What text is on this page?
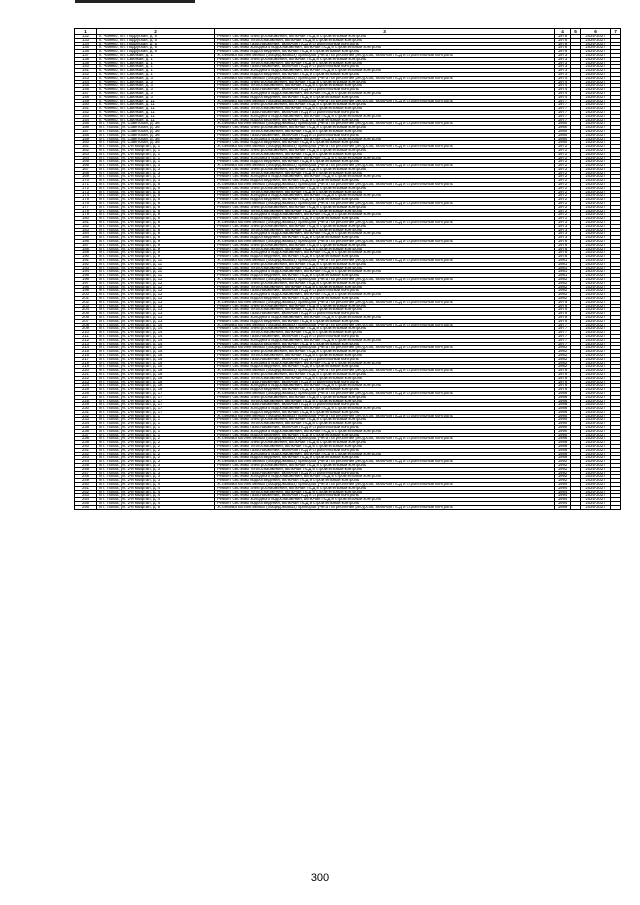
1	2	3	4	5	6	7
132	п. Чаянко, пл. Подруская, д. 5	Ремонт системы электроснабжения, включая ПСД и строительный контроль	1978		2025-2027	
133	п. Чаянко, пл. Подруская, д. 5	Ремонт системы теплоснабжения, включая ПСД и строительный контроль	1978		2026-2027	
134	п. Чаянко, пл. Подруская, д. 5	Ремонт системы газоснабжения, включая ПСД и строительный контроль	1978		2025-2027	
135	п. Чаянко, пл. Подруская, д. 5	Ремонт системы холодного водоснабжения, включая ПСД и строительный контроль	1978		2026-2027	
136	п. Чаянко, пл. Подруская, д. 5	Ремонт системы водоотведения, включая ПСД и строительный контроль	1978		2025-2027	
137	п. Чаянко, пл. Свилкая, д. 1	Установка коллективных (общедомовых) приборов учета потребления ресурсов, включая ПСД и строительный контроль	1973		2025-2027	
138	п. Чаянко, пл. Свилкая, д. 1	Ремонт системы электроснабжения, включая ПСД и строительный контроль	1973		2025-2027	
139	п. Чаянко, пл. Свилкая, д. 1	Ремонт системы теплоснабжения, включая ПСД и строительный контроль	1973		2026-2027	
140	п. Чаянко, пл. Свилкая, д. 1	Ремонт системы газоснабжения, включая ПСД и строительный контроль	1973		2025-2027	
141	п. Чаянко, пл. Свилкая, д. 1	Ремонт системы холодного водоснабжения, включая ПСД и строительный контроль	1973		2025-2027	
142	п. Чаянко, пл. Свилкая, д. 1	Ремонт системы водоотведения, включая ПСД и строительный контроль	1973		2026-2027	
143	п. Чаянко, пл. Свилкая, д. 3	Установка коллективных (общедомовых) приборов учета потребления ресурсов, включая ПСД и строительный контроль	1974		2025-2027	
144	п. Чаянко, пл. Свилкая, д. 3	Ремонт системы электроснабжения, включая ПСД и строительный контроль	1974		2026-2027	
145	п. Чаянко, пл. Свилкая, д. 3	Ремонт системы теплоснабжения, включая ПСД и строительный контроль	1974		2026-2027	
146	п. Чаянко, пл. Свилкая, д. 3	Ремонт системы газоснабжения, включая ПСД и строительный контроль	1974		2025-2027	
147	п. Чаянко, пл. Свилкая, д. 3	Ремонт системы холодного водоснабжения, включая ПСД и строительный контроль	1974		2025-2027	
148	п. Чаянко, пл. Свилкая, д. 3	Ремонт системы водоотведения, включая ПСД и строительный контроль	1974		2026-2027	
149	п. Чаянко, пл. Свилкая, д. 11	Установка коллективных (общедомовых) приборов учета потребления ресурсов, включая ПСД и строительный контроль	1977		2025-2027	
150	п. Чаянко, пл. Свилкая, д. 11	Ремонт системы электроснабжения, включая ПСД и строительный контроль	1977		2026-2027	
151	п. Чаянко, пл. Свилкая, д. 11	Ремонт системы теплоснабжения, включая ПСД и строительный контроль	1977		2025-2027	
152	п. Чаянко, пл. Свилкая, д. 11	Ремонт системы газоснабжения, включая ПСД и строительный контроль	1977		2025-2027	
153	п. Чаянко, пл. Свилкая, д. 11	Ремонт системы холодного водоснабжения, включая ПСД и строительный контроль	1977		2026-2027	
154	п. Чаянко, пл. Свилкая, д. 11	Ремонт системы водоотведения, включая ПСД и строительный контроль	1977		2025-2027	
155	пгт. Полаз, ул. Советская, д. 36	Установка коллективных (общедомовых) приборов учета потребления ресурсов, включая ПСД и строительный контроль	1980		2026-2027	
156	пгт. Полаз, ул. Советская, д. 36	Ремонт системы электроснабжения, включая ПСД и строительный контроль	1980		2025-2027	
157	пгт. Полаз, ул. Советская, д. 36	Ремонт системы теплоснабжения, включая ПСД и строительный контроль	1980		2025-2027	
158	пгт. Полаз, ул. Советская, д. 36	Ремонт системы газоснабжения, включая ПСД и строительный контроль	1980		2026-2027	
159	пгт. Полаз, ул. Советская, д. 36	Ремонт системы холодного водоснабжения, включая ПСД и строительный контроль	1980		2025-2027	
160	пгт. Полаз, ул. Советская, д. 36	Ремонт системы водоотведения, включая ПСД и строительный контроль	1980		2025-2027	
161	пгт. Полаз, ул. 1-й Квартал, д. 1	Установка коллективных (общедомовых) приборов учета потребления ресурсов, включая ПСД и строительный контроль	1972		2026-2027	
162	пгт. Полаз, ул. 1-й Квартал, д. 1	Ремонт системы электроснабжения, включая ПСД и строительный контроль	1972		2025-2027	
163	пгт. Полаз, ул. 1-й Квартал, д. 1	Ремонт системы теплоснабжения, включая ПСД и строительный контроль	1972		2026-2027	
164	пгт. Полаз, ул. 1-й Квартал, д. 1	Ремонт системы холодного водоснабжения, включая ПСД и строительный контроль	1972		2025-2027	
165	пгт. Полаз, ул. 1-й Квартал, д. 1	Ремонт системы водоотведения, включая ПСД и строительный контроль	1972		2025-2027	
166	пгт. Полаз, ул. 1-й Квартал, д. 3	Установка коллективных (общедомовых) приборов учета потребления ресурсов, включая ПСД и строительный контроль	1972		2026-2027	
167	пгт. Полаз, ул. 1-й Квартал, д. 3	Ремонт системы электроснабжения, включая ПСД и строительный контроль	1972		2025-2027	
168	пгт. Полаз, ул. 1-й Квартал, д. 3	Ремонт системы теплоснабжения, включая ПСД и строительный контроль	1972		2025-2027	
169	пгт. Полаз, ул. 1-й Квартал, д. 3	Ремонт системы холодного водоснабжения, включая ПСД и строительный контроль	1972		2026-2027	
170	пгт. Полаз, ул. 1-й Квартал, д. 3	Ремонт системы водоотведения, включая ПСД и строительный контроль	1972		2025-2027	
171	пгт. Полаз, ул. 1-й Квартал, д. 5	Установка коллективных (общедомовых) приборов учета потребления ресурсов, включая ПСД и строительный контроль	1972		2025-2027	
172	пгт. Полаз, ул. 1-й Квартал, д. 5	Ремонт системы электроснабжения, включая ПСД и строительный контроль	1972		2026-2027	
173	пгт. Полаз, ул. 1-й Квартал, д. 5	Ремонт системы теплоснабжения, включая ПСД и строительный контроль	1972		2025-2027	
174	пгт. Полаз, ул. 1-й Квартал, д. 5	Ремонт системы холодного водоснабжения, включая ПСД и строительный контроль	1972		2025-2027	
175	пгт. Полаз, ул. 1-й Квартал, д. 5	Ремонт системы водоотведения, включая ПСД и строительный контроль	1972		2026-2027	
176	пгт. Полаз, ул. 1-й Квартал, д. 6	Установка коллективных (общедомовых) приборов учета потребления ресурсов, включая ПСД и строительный контроль	1972		2025-2027	
177	пгт. Полаз, ул. 1-й Квартал, д. 6	Ремонт системы электроснабжения, включая ПСД и строительный контроль	1972		2025-2027	
178	пгт. Полаз, ул. 1-й Квартал, д. 6	Ремонт системы теплоснабжения, включая ПСД и строительный контроль	1972		2026-2027	
179	пгт. Полаз, ул. 1-й Квартал, д. 6	Ремонт системы холодного водоснабжения, включая ПСД и строительный контроль	1972		2025-2027	
180	пгт. Полаз, ул. 1-й Квартал, д. 6	Ремонт системы водоотведения, включая ПСД и строительный контроль	1972		2025-2027	
181	пгт. Полаз, ул. 1-й Квартал, д. 8	Установка коллективных (общедомовых) приборов учета потребления ресурсов, включая ПСД и строительный контроль	1973		2026-2027	
182	пгт. Полаз, ул. 1-й Квартал, д. 8	Ремонт системы электроснабжения, включая ПСД и строительный контроль	1973		2025-2027	
183	пгт. Полаз, ул. 1-й Квартал, д. 8	Ремонт системы теплоснабжения, включая ПСД и строительный контроль	1973		2025-2027	
184	пгт. Полаз, ул. 1-й Квартал, д. 8	Ремонт системы холодного водоснабжения, включая ПСД и строительный контроль	1973		2026-2027	
185	пгт. Полаз, ул. 1-й Квартал, д. 8	Ремонт системы водоотведения, включая ПСД и строительный контроль	1973		2025-2027	
186	пгт. Полаз, ул. 1-й Квартал, д. 9	Установка коллективных (общедомовых) приборов учета потребления ресурсов, включая ПСД и строительный контроль	1978		2025-2027	
187	пгт. Полаз, ул. 1-й Квартал, д. 9	Ремонт системы электроснабжения, включая ПСД и строительный контроль	1978		2026-2027	
188	пгт. Полаз, ул. 1-й Квартал, д. 9	Ремонт системы теплоснабжения, включая ПСД и строительный контроль	1978		2025-2027	
189	пгт. Полаз, ул. 1-й Квартал, д. 9	Ремонт системы холодного водоснабжения, включая ПСД и строительный контроль	1978		2025-2027	
190	пгт. Полаз, ул. 1-й Квартал, д. 9	Ремонт системы водоотведения, включая ПСД и строительный контроль	1978		2026-2027	
191	пгт. Полаз, ул. 1-й Квартал, д. 11	Установка коллективных (общедомовых) приборов учета потребления ресурсов, включая ПСД и строительный контроль	1981		2025-2027	
192	пгт. Полаз, ул. 1-й Квартал, д. 11	Ремонт системы электроснабжения, включая ПСД и строительный контроль	1981		2025-2027	
193	пгт. Полаз, ул. 1-й Квартал, д. 11	Ремонт системы теплоснабжения, включая ПСД и строительный контроль	1981		2026-2027	
194	пгт. Полаз, ул. 1-й Квартал, д. 11	Ремонт системы холодного водоснабжения, включая ПСД и строительный контроль	1981		2025-2027	
195	пгт. Полаз, ул. 1-й Квартал, д. 11	Ремонт системы водоотведения, включая ПСД и строительный контроль	1981		2025-2027	
196	пгт. Полаз, ул. 1-й Квартал, д. 12	Установка коллективных (общедомовых) приборов учета потребления ресурсов, включая ПСД и строительный контроль	1982		2026-2027	
197	пгт. Полаз, ул. 1-й Квартал, д. 12	Ремонт системы электроснабжения, включая ПСД и строительный контроль	1982		2025-2027	
198	пгт. Полаз, ул. 1-й Квартал, д. 12	Ремонт системы теплоснабжения, включая ПСД и строительный контроль	1982		2025-2027	
199	пгт. Полаз, ул. 1-й Квартал, д. 12	Ремонт системы газоснабжения, включая ПСД и строительный контроль	1982		2026-2027	
200	пгт. Полаз, ул. 1-й Квартал, д. 12	Ремонт системы холодного водоснабжения, включая ПСД и строительный контроль	1982		2025-2027	
201	пгт. Полаз, ул. 1-й Квартал, д. 12	Ремонт системы водоотведения, включая ПСД и строительный контроль	1982		2025-2027	
202	пгт. Полаз, ул. 1-й Квартал, д. 13	Установка коллективных (общедомовых) приборов учета потребления ресурсов, включая ПСД и строительный контроль	1975		2026-2027	
203	пгт. Полаз, ул. 1-й Квартал, д. 13	Ремонт системы электроснабжения, включая ПСД и строительный контроль	1975		2025-2027	
204	пгт. Полаз, ул. 1-й Квартал, д. 13	Ремонт системы теплоснабжения, включая ПСД и строительный контроль	1975		2025-2027	
205	пгт. Полаз, ул. 1-й Квартал, д. 13	Ремонт системы газоснабжения, включая ПСД и строительный контроль	1975		2026-2027	
206	пгт. Полаз, ул. 1-й Квартал, д. 13	Ремонт системы холодного водоснабжения, включая ПСД и строительный контроль	1975		2025-2027	
207	пгт. Полаз, ул. 1-й Квартал, д. 13	Ремонт системы водоотведения, включая ПСД и строительный контроль	1975		2025-2027	
208	пгт. Полаз, ул. 1-й Квартал, д. 14	Установка коллективных (общедомовых) приборов учета потребления ресурсов, включая ПСД и строительный контроль	1977		2026-2027	
209	пгт. Полаз, ул. 1-й Квартал, д. 14	Ремонт системы электроснабжения, включая ПСД и строительный контроль	1977		2025-2027	
210	пгт. Полаз, ул. 1-й Квартал, д. 14	Ремонт системы теплоснабжения, включая ПСД и строительный контроль	1977		2025-2027	
211	пгт. Полаз, ул. 1-й Квартал, д. 14	Ремонт системы газоснабжения, включая ПСД и строительный контроль	1977		2026-2027	
212	пгт. Полаз, ул. 1-й Квартал, д. 14	Ремонт системы холодного водоснабжения, включая ПСД и строительный контроль	1977		2025-2027	
213	пгт. Полаз, ул. 1-й Квартал, д. 14	Ремонт системы водоотведения, включая ПСД и строительный контроль	1977		2025-2027	
214	пгт. Полаз, ул. 1-й Квартал, д. 15	Установка коллективных (общедомовых) приборов учета потребления ресурсов, включая ПСД и строительный контроль	1982		2026-2027	
215	пгт. Полаз, ул. 1-й Квартал, д. 15	Ремонт системы электроснабжения, включая ПСД и строительный контроль	1982		2025-2027	
216	пгт. Полаз, ул. 1-й Квартал, д. 15	Ремонт системы теплоснабжения, включая ПСД и строительный контроль	1982		2025-2027	
217	пгт. Полаз, ул. 1-й Квартал, д. 15	Ремонт системы газоснабжения, включая ПСД и строительный контроль	1982		2026-2027	
218	пгт. Полаз, ул. 1-й Квартал, д. 15	Ремонт системы холодного водоснабжения, включая ПСД и строительный контроль	1982		2025-2027	
219	пгт. Полаз, ул. 1-й Квартал, д. 15	Ремонт системы водоотведения, включая ПСД и строительный контроль	1982		2025-2027	
220	пгт. Полаз, ул. 1-й Квартал, д. 16	Установка коллективных (общедомовых) приборов учета потребления ресурсов, включая ПСД и строительный контроль	1978		2026-2027	
221	пгт. Полаз, ул. 1-й Квартал, д. 16	Ремонт системы электроснабжения, включая ПСД и строительный контроль	1978		2025-2027	
222	пгт. Полаз, ул. 1-й Квартал, д. 16	Ремонт системы теплоснабжения, включая ПСД и строительный контроль	1978		2025-2027	
223	пгт. Полаз, ул. 1-й Квартал, д. 16	Ремонт системы газоснабжения, включая ПСД и строительный контроль	1978		2026-2027	
224	пгт. Полаз, ул. 1-й Квартал, д. 16	Ремонт системы холодного водоснабжения, включая ПСД и строительный контроль	1978		2025-2027	
225	пгт. Полаз, ул. 1-й Квартал, д. 16	Ремонт системы водоотведения, включая ПСД и строительный контроль	1978		2025-2027	
226	пгт. Полаз, ул. 1-й Квартал, д. 17	Установка коллективных (общедомовых) приборов учета потребления ресурсов, включая ПСД и строительный контроль	1986		2026-2027	
227	пгт. Полаз, ул. 1-й Квартал, д. 17	Ремонт системы электроснабжения, включая ПСД и строительный контроль	1986		2025-2027	
228	пгт. Полаз, ул. 1-й Квартал, д. 17	Ремонт системы теплоснабжения, включая ПСД и строительный контроль	1986		2025-2027	
229	пгт. Полаз, ул. 1-й Квартал, д. 17	Ремонт системы газоснабжения, включая ПСД и строительный контроль	1986		2026-2027	
230	пгт. Полаз, ул. 1-й Квартал, д. 17	Ремонт системы холодного водоснабжения, включая ПСД и строительный контроль	1986		2025-2027	
231	пгт. Полаз, ул. 1-й Квартал, д. 17	Ремонт системы водоотведения, включая ПСД и строительный контроль	1986		2025-2027	
232	пгт. Полаз, ул. 2-й Квартал, д. 1	Установка коллективных (общедомовых) приборов учета потребления ресурсов, включая ПСД и строительный контроль	1990		2026-2027	
233	пгт. Полаз, ул. 2-й Квартал, д. 1	Ремонт системы электроснабжения, включая ПСД и строительный контроль	1990		2025-2027	
234	пгт. Полаз, ул. 2-й Квартал, д. 1	Ремонт системы теплоснабжения, включая ПСД и строительный контроль	1990		2025-2027	
235	пгт. Полаз, ул. 2-й Квартал, д. 1	Ремонт системы газоснабжения, включая ПСД и строительный контроль	1990		2026-2027	
236	пгт. Полаз, ул. 2-й Квартал, д. 1	Ремонт системы холодного водоснабжения, включая ПСД и строительный контроль	1990		2025-2027	
237	пгт. Полаз, ул. 2-й Квартал, д. 1	Ремонт системы водоотведения, включая ПСД и строительный контроль	1990		2025-2027	
238	пгт. Полаз, ул. 2-й Квартал, д. 2	Установка коллективных (общедомовых) приборов учета потребления ресурсов, включая ПСД и строительный контроль	1986		2026-2027	
239	пгт. Полаз, ул. 2-й Квартал, д. 2	Ремонт системы электроснабжения, включая ПСД и строительный контроль	1986		2025-2027	
240	пгт. Полаз, ул. 2-й Квартал, д. 2	Ремонт системы теплоснабжения, включая ПСД и строительный контроль	1986		2025-2027	
241	пгт. Полаз, ул. 2-й Квартал, д. 2	Ремонт системы газоснабжения, включая ПСД и строительный контроль	1986		2026-2027	
242	пгт. Полаз, ул. 2-й Квартал, д. 2	Ремонт системы холодного водоснабжения, включая ПСД и строительный контроль	1986		2025-2027	
243	пгт. Полаз, ул. 2-й Квартал, д. 2	Ремонт системы водоотведения, включая ПСД и строительный контроль	1986		2025-2027	
244	пгт. Полаз, ул. 2-й Квартал, д. 3	Установка коллективных (общедомовых) приборов учета потребления ресурсов, включая ПСД и строительный контроль	1992		2026-2027	
245	пгт. Полаз, ул. 2-й Квартал, д. 3	Ремонт системы электроснабжения, включая ПСД и строительный контроль	1992		2025-2027	
246	пгт. Полаз, ул. 2-й Квартал, д. 3	Ремонт системы теплоснабжения, включая ПСД и строительный контроль	1992		2025-2027	
247	пгт. Полаз, ул. 2-й Квартал, д. 3	Ремонт системы газоснабжения, включая ПСД и строительный контроль	1992		2026-2027	
248	пгт. Полаз, ул. 2-й Квартал, д. 3	Ремонт системы холодного водоснабжения, включая ПСД и строительный контроль	1992		2025-2027	
249	пгт. Полаз, ул. 2-й Квартал, д. 3	Ремонт системы водоотведения, включая ПСД и строительный контроль	1992		2025-2027	
250	пгт. Полаз, ул. 2-й Квартал, д. 4	Установка коллективных (общедомовых) приборов учета потребления ресурсов, включая ПСД и строительный контроль	1994		2026-2027	
251	пгт. Полаз, ул. 2-й Квартал, д. 4	Ремонт системы электроснабжения, включая ПСД и строительный контроль	1994		2025-2027	
252	пгт. Полаз, ул. 2-й Квартал, д. 4	Ремонт системы теплоснабжения, включая ПСД и строительный контроль	1994		2025-2027	
253	пгт. Полаз, ул. 2-й Квартал, д. 4	Ремонт системы газоснабжения, включая ПСД и строительный контроль	1994		2026-2027	
254	пгт. Полаз, ул. 2-й Квартал, д. 4	Ремонт системы холодного водоснабжения, включая ПСД и строительный контроль	1994		2025-2027	
255	пгт. Полаз, ул. 2-й Квартал, д. 4	Ремонт системы водоотведения, включая ПСД и строительный контроль	1994		2025-2027	
256	пгт. Полаз, ул. 2-й Квартал, д. 5	Установка коллективных (общедомовых) приборов учета потребления ресурсов, включая ПСД и строительный контроль	1989		2026-2027	
300
